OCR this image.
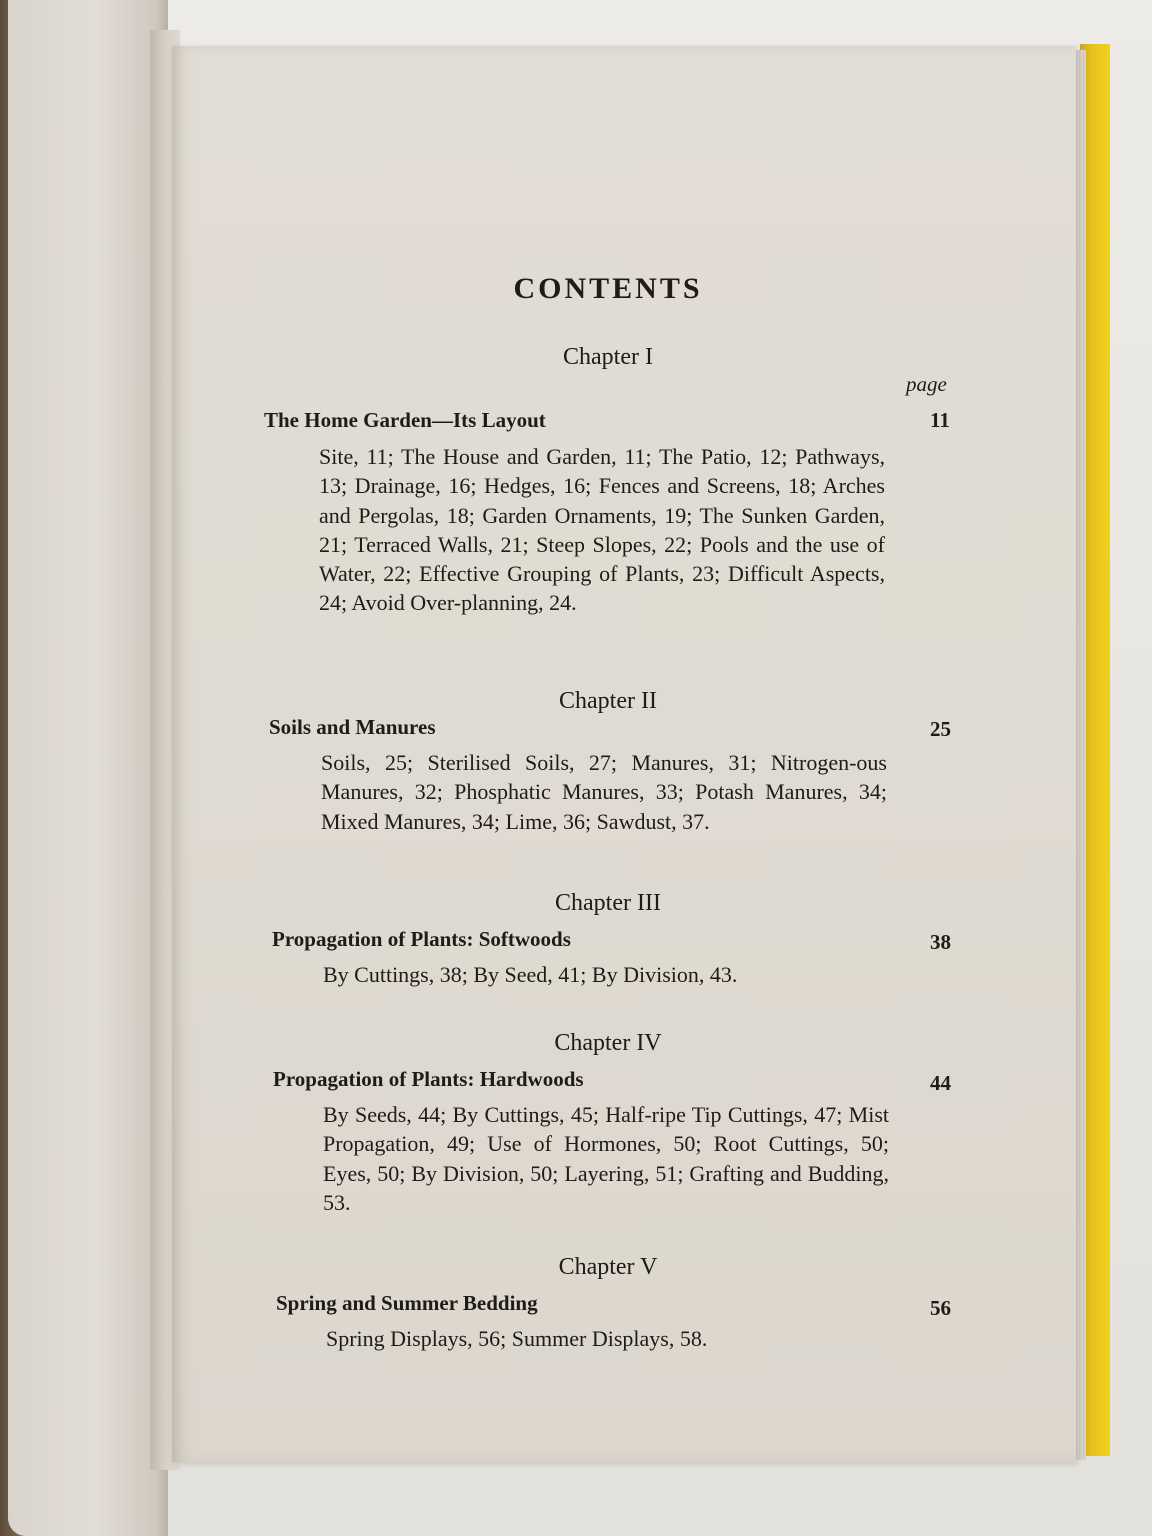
CONTENTS
page
Chapter I
The Home Garden—Its Layout	11
Site, 11; The House and Garden, 11; The Patio, 12; Pathways, 13; Drainage, 16; Hedges, 16; Fences and Screens, 18; Arches and Pergolas, 18; Garden Ornaments, 19; The Sunken Garden, 21; Terraced Walls, 21; Steep Slopes, 22; Pools and the use of Water, 22; Effective Grouping of Plants, 23; Difficult Aspects, 24; Avoid Over-planning, 24.
Chapter II
Soils and Manures	25
Soils, 25; Sterilised Soils, 27; Manures, 31; Nitrogen-ous Manures, 32; Phosphatic Manures, 33; Potash Manures, 34; Mixed Manures, 34; Lime, 36; Sawdust, 37.
Chapter III
Propagation of Plants: Softwoods	38
By Cuttings, 38; By Seed, 41; By Division, 43.
Chapter IV
Propagation of Plants: Hardwoods	44
By Seeds, 44; By Cuttings, 45; Half-ripe Tip Cuttings, 47; Mist Propagation, 49; Use of Hormones, 50; Root Cuttings, 50; Eyes, 50; By Division, 50; Layering, 51; Grafting and Budding, 53.
Chapter V
Spring and Summer Bedding	56
Spring Displays, 56; Summer Displays, 58.
